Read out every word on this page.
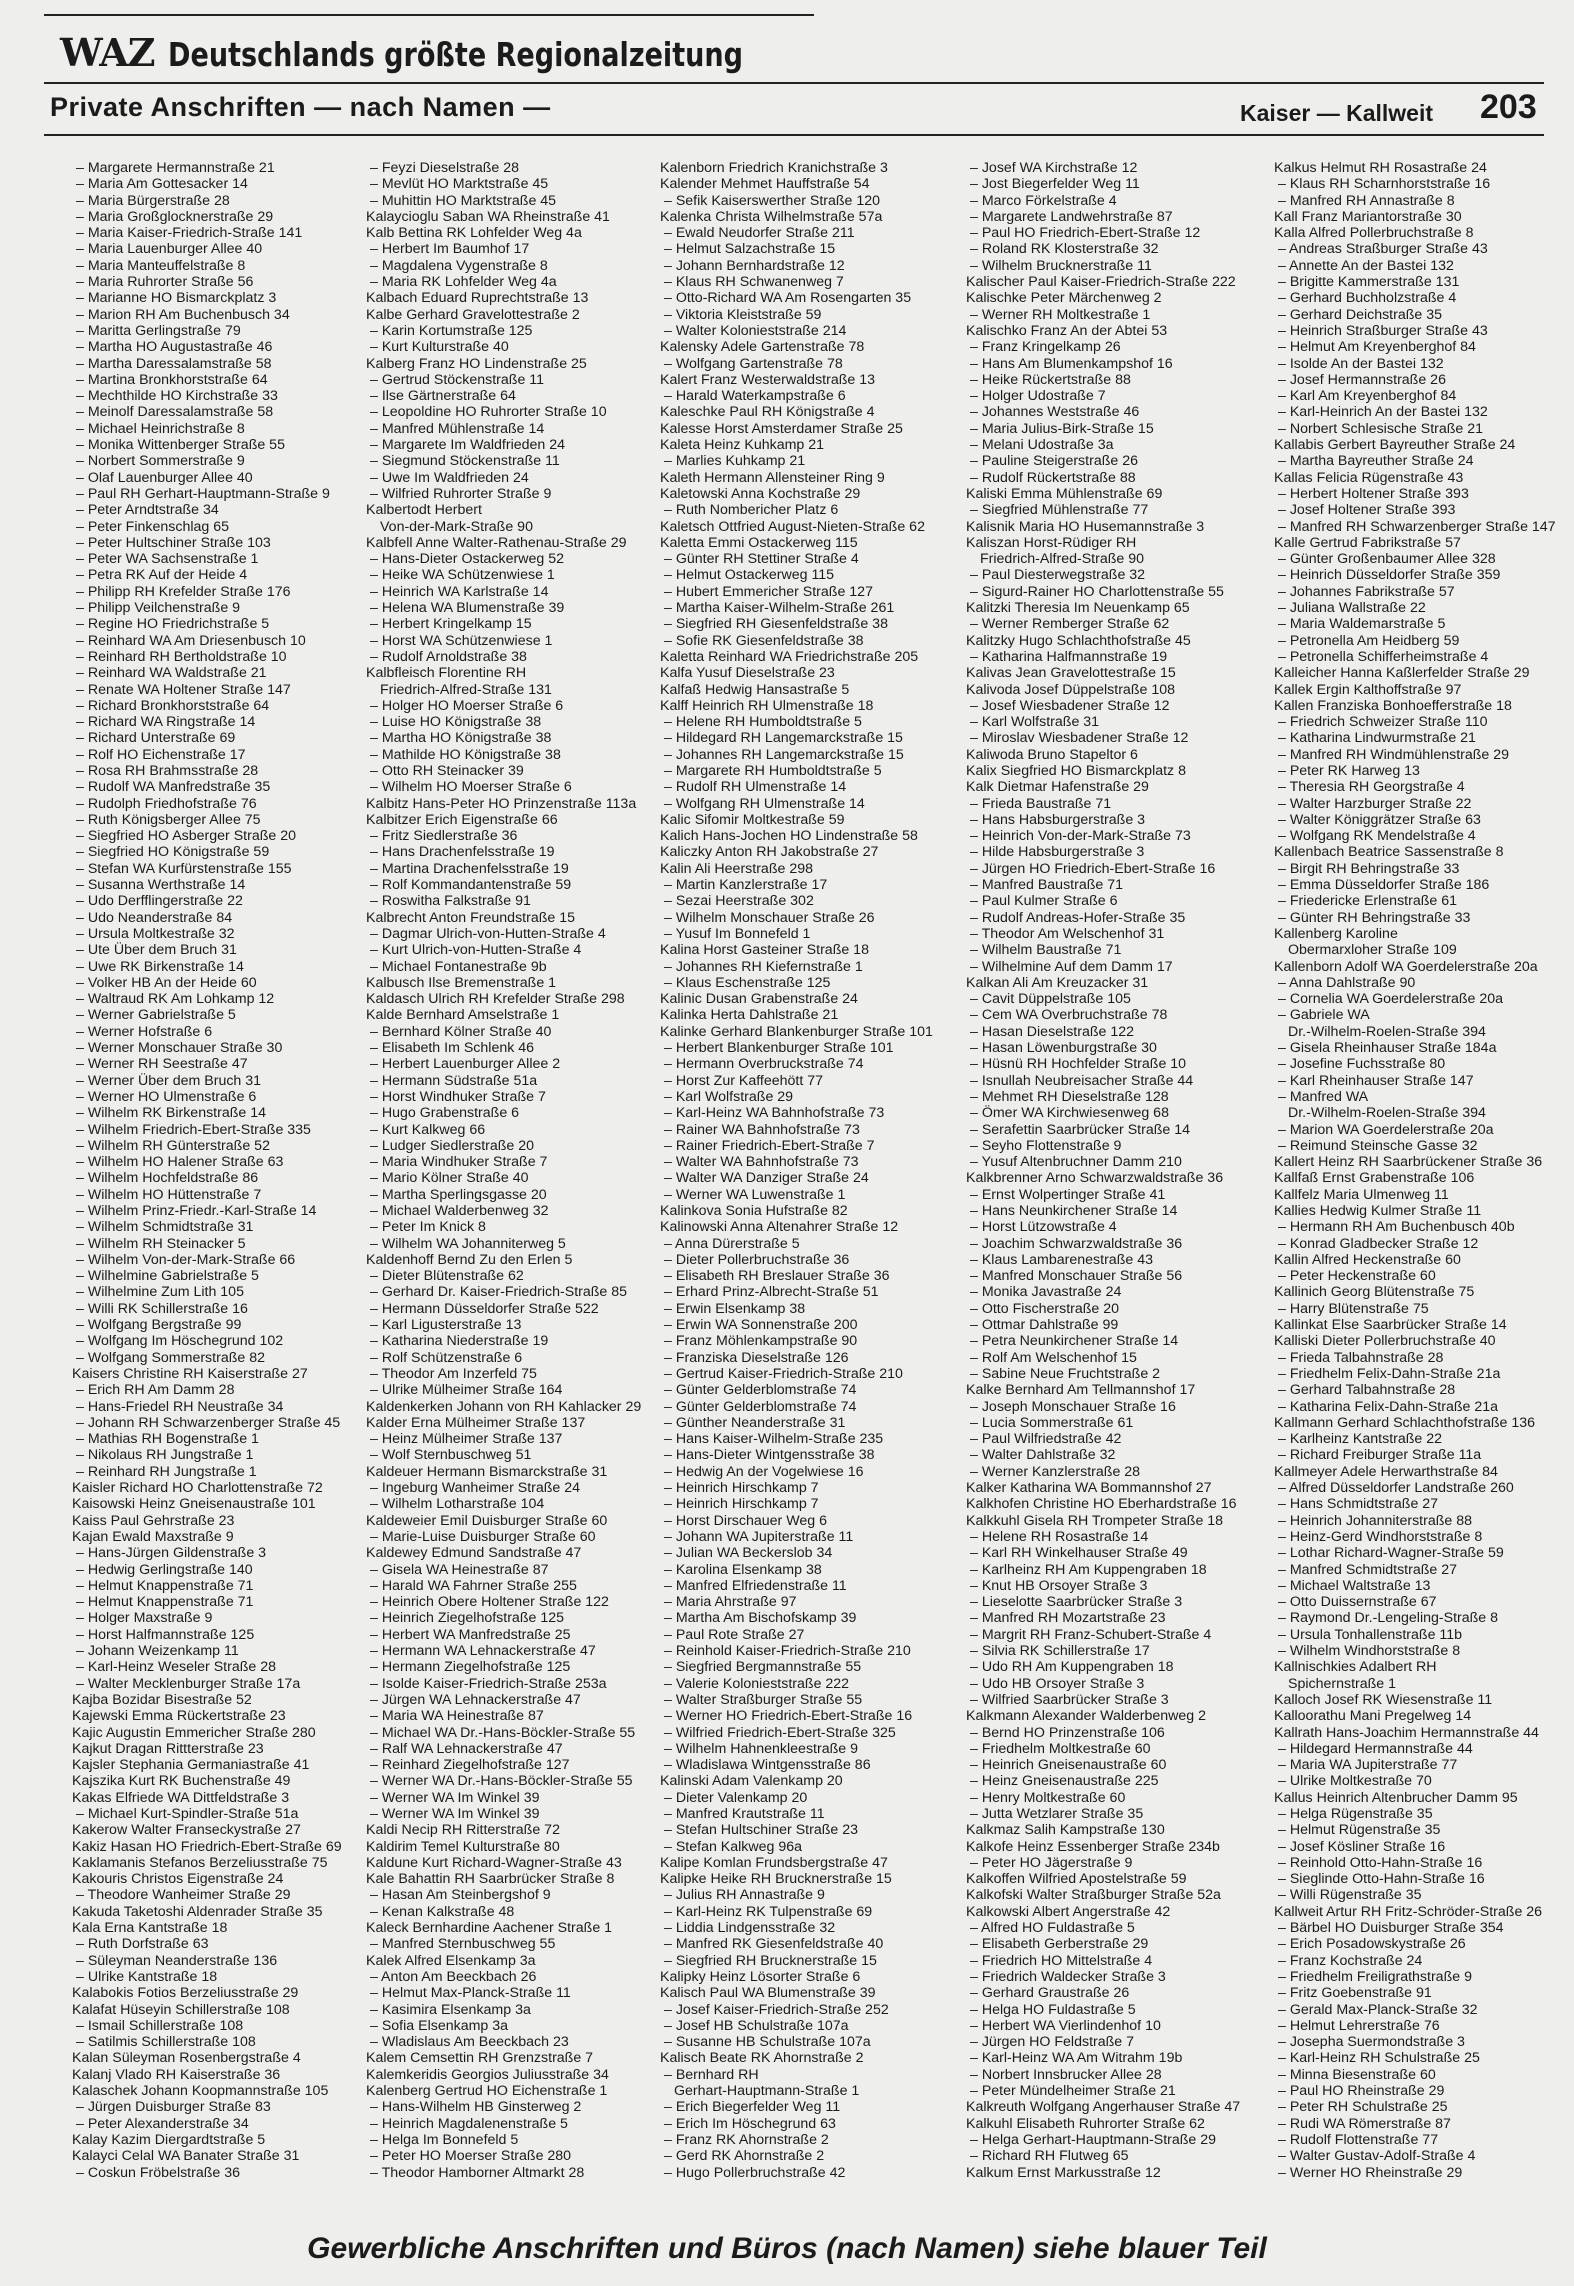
WAZ Deutschlands größte Regionalzeitung
Private Anschriften — nach Namen —	Kaiser — Kallweit 203
– Margarete Hermannstraße 21
– Maria Am Gottesacker 14
– Maria Bürgerstraße 28
– Maria Großglocknerstraße 29
– Maria Kaiser-Friedrich-Straße 141
– Maria Lauenburger Allee 40
– Maria Manteuffelstraße 8
– Maria Ruhrorter Straße 56
– Marianne HO Bismarckplatz 3
– Marion RH Am Buchenbusch 34
– Maritta Gerlingstraße 79
– Martha HO Augustastraße 46
– Martha Daressalamstraße 58
– Martina Bronkhorststraße 64
– Mechthilde HO Kirchstraße 33
– Meinolf Daressalamstraße 58
– Michael Heinrichstraße 8
– Monika Wittenberger Straße 55
– Norbert Sommerstraße 9
– Olaf Lauenburger Allee 40
– Paul RH Gerhart-Hauptmann-Straße 9
– Peter Arndtstraße 34
– Peter Finkenschlag 65
– Peter Hultschiner Straße 103
– Peter WA Sachsenstraße 1
– Petra RK Auf der Heide 4
– Philipp RH Krefelder Straße 176
– Philipp Veilchenstraße 9
– Regine HO Friedrichstraße 5
– Reinhard WA Am Driesenbusch 10
– Reinhard RH Bertholdstraße 10
– Reinhard WA Waldstraße 21
– Renate WA Holtener Straße 147
– Richard Bronkhorststraße 64
– Richard WA Ringstraße 14
– Richard Unterstraße 69
– Rolf HO Eichenstraße 17
– Rosa RH Brahmsstraße 28
– Rudolf WA Manfredstraße 35
– Rudolph Friedhofstraße 76
– Ruth Königsberger Allee 75
– Siegfried HO Asberger Straße 20
– Siegfried HO Königstraße 59
– Stefan WA Kurfürstenstraße 155
– Susanna Werthstraße 14
– Udo Derfflingerstraße 22
– Udo Neanderstraße 84
– Ursula Moltkestraße 32
– Ute Über dem Bruch 31
– Uwe RK Birkenstraße 14
– Volker HB An der Heide 60
– Waltraud RK Am Lohkamp 12
– Werner Gabrielstraße 5
– Werner Hofstraße 6
– Werner Monschauer Straße 30
– Werner RH Seestraße 47
– Werner Über dem Bruch 31
– Werner HO Ulmenstraße 6
– Wilhelm RK Birkenstraße 14
– Wilhelm Friedrich-Ebert-Straße 335
– Wilhelm RH Günterstraße 52
– Wilhelm HO Halener Straße 63
– Wilhelm Hochfeldstraße 86
– Wilhelm HO Hüttenstraße 7
– Wilhelm Prinz-Friedr.-Karl-Straße 14
– Wilhelm Schmidtstraße 31
– Wilhelm RH Steinacker 5
– Wilhelm Von-der-Mark-Straße 66
– Wilhelmine Gabrielstraße 5
– Wilhelmine Zum Lith 105
– Willi RK Schillerstraße 16
– Wolfgang Bergstraße 99
– Wolfgang Im Höschegrund 102
– Wolfgang Sommerstraße 82
Kaisers Christine RH Kaiserstraße 27
– Erich RH Am Damm 28
– Hans-Friedel RH Neustraße 34
– Johann RH Schwarzenberger Straße 45
– Mathias RH Bogenstraße 1
– Nikolaus RH Jungstraße 1
– Reinhard RH Jungstraße 1
Kaisler Richard HO Charlottenstraße 72
Kaisowski Heinz Gneisenaustraße 101
Kaiss Paul Gehrstraße 23
Kajan Ewald Maxstraße 9
– Hans-Jürgen Gildenstraße 3
– Hedwig Gerlingstraße 140
– Helmut Knappenstraße 71
– Helmut Knappenstraße 71
– Holger Maxstraße 9
– Horst Halfmannstraße 125
– Johann Weizenkamp 11
– Karl-Heinz Weseler Straße 28
– Walter Mecklenburger Straße 17a
Kajba Bozidar Bisestraße 52
Kajewski Emma Rückertstraße 23
Kajic Augustin Emmericher Straße 280
Kajkut Dragan Rittterstraße 23
Kajsler Stephania Germaniastraße 41
Kajszika Kurt RK Buchenstraße 49
Kakas Elfriede WA Dittfeldstraße 3
– Michael Kurt-Spindler-Straße 51a
Kakerow Walter Franseckystraße 27
Kakiz Hasan HO Friedrich-Ebert-Straße 69
Kaklamanis Stefanos Berzeliusstraße 75
Kakouris Christos Eigenstraße 24
– Theodore Wanheimer Straße 29
Kakuda Taketoshi Aldenrader Straße 35
Kala Erna Kantstraße 18
– Ruth Dorfstraße 63
– Süleyman Neanderstraße 136
– Ulrike Kantstraße 18
Kalabokis Fotios Berzeliusstraße 29
Kalafat Hüseyin Schillerstraße 108
– Ismail Schillerstraße 108
– Satilmis Schillerstraße 108
Kalan Süleyman Rosenbergstraße 4
Kalanj Vlado RH Kaiserstraße 36
Kalaschek Johann Koopmannstraße 105
– Jürgen Duisburger Straße 83
– Peter Alexanderstraße 34
Kalay Kazim Diergardtstraße 5
Kalayci Celal WA Banater Straße 31
– Coskun Fröbelstraße 36
– Feyzi Dieselstraße 28
– Mevlüt HO Marktstraße 45
– Muhittin HO Marktstraße 45
Kalaycioglu Saban WA Rheinstraße 41
Kalb Bettina RK Lohfelder Weg 4a
– Herbert Im Baumhof 17
– Magdalena Vygenstraße 8
– Maria RK Lohfelder Weg 4a
Kalbach Eduard Ruprechtstraße 13
Kalbe Gerhard Gravelottestraße 2
– Karin Kortumstraße 125
– Kurt Kulturstraße 40
Kalberg Franz HO Lindenstraße 25
– Gertrud Stöckenstraße 11
– Ilse Gärtnerstraße 64
– Leopoldine HO Ruhrorter Straße 10
– Manfred Mühlenstraße 14
– Margarete Im Waldfrieden 24
– Siegmund Stöckenstraße 11
– Uwe Im Waldfrieden 24
– Wilfried Ruhrorter Straße 9
Kalbertodt Herbert
Von-der-Mark-Straße 90
Kalbfell Anne Walter-Rathenau-Straße 29
– Hans-Dieter Ostackerweg 52
– Heike WA Schützenwiese 1
– Heinrich WA Karlstraße 14
– Helena WA Blumenstraße 39
– Herbert Kringelkamp 15
– Horst WA Schützenwiese 1
– Rudolf Arnoldstraße 38
Kalbfleisch Florentine RH
Friedrich-Alfred-Straße 131
– Holger HO Moerser Straße 6
– Luise HO Königstraße 38
– Martha HO Königstraße 38
– Mathilde HO Königstraße 38
– Otto RH Steinacker 39
– Wilhelm HO Moerser Straße 6
Kalbitz Hans-Peter HO Prinzenstraße 113a
Kalbitzer Erich Eigenstraße 66
– Fritz Siedlerstraße 36
– Hans Drachenfelsstraße 19
– Martina Drachenfelsstraße 19
– Rolf Kommandantenstraße 59
– Roswitha Falkstraße 91
Kalbrecht Anton Freundstraße 15
– Dagmar Ulrich-von-Hutten-Straße 4
– Kurt Ulrich-von-Hutten-Straße 4
– Michael Fontanestraße 9b
Kalbusch Ilse Bremenstraße 1
Kaldasch Ulrich RH Krefelder Straße 298
Kalde Bernhard Amselstraße 1
– Bernhard Kölner Straße 40
– Elisabeth Im Schlenk 46
– Herbert Lauenburger Allee 2
– Hermann Südstraße 51a
– Horst Windhuker Straße 7
– Hugo Grabenstraße 6
– Kurt Kalkweg 66
– Ludger Siedlerstraße 20
– Maria Windhuker Straße 7
– Mario Kölner Straße 40
– Martha Sperlingsgasse 20
– Michael Walderbenweg 32
– Peter Im Knick 8
– Wilhelm WA Johanniterweg 5
Kaldenhoff Bernd Zu den Erlen 5
– Dieter Blütenstraße 62
– Gerhard Dr. Kaiser-Friedrich-Straße 85
– Hermann Düsseldorfer Straße 522
– Karl Ligusterstraße 13
– Katharina Niederstraße 19
– Rolf Schützenstraße 6
– Theodor Am Inzerfeld 75
– Ulrike Mülheimer Straße 164
Kaldenkerken Johann von RH Kahlacker 29
Kalder Erna Mülheimer Straße 137
– Heinz Mülheimer Straße 137
– Wolf Sternbuschweg 51
Kaldeuer Hermann Bismarckstraße 31
– Ingeburg Wanheimer Straße 24
– Wilhelm Lotharstraße 104
Kaldeweier Emil Duisburger Straße 60
– Marie-Luise Duisburger Straße 60
Kaldewey Edmund Sandstraße 47
– Gisela WA Heinestraße 87
– Harald WA Fahrner Straße 255
– Heinrich Obere Holtener Straße 122
– Heinrich Ziegelhofstraße 125
– Herbert WA Manfredstraße 25
– Hermann WA Lehnackerstraße 47
– Hermann Ziegelhofstraße 125
– Isolde Kaiser-Friedrich-Straße 253a
– Jürgen WA Lehnackerstraße 47
– Maria WA Heinestraße 87
– Michael WA Dr.-Hans-Böckler-Straße 55
– Ralf WA Lehnackerstraße 47
– Reinhard Ziegelhofstraße 127
– Werner WA Dr.-Hans-Böckler-Straße 55
– Werner WA Im Winkel 39
– Werner WA Im Winkel 39
Kaldi Necip RH Ritterstraße 72
Kaldirim Temel Kulturstraße 80
Kaldune Kurt Richard-Wagner-Straße 43
Kale Bahattin RH Saarbrücker Straße 8
– Hasan Am Steinbergshof 9
– Kenan Kalkstraße 48
Kaleck Bernhardine Aachener Straße 1
– Manfred Sternbuschweg 55
Kalek Alfred Elsenkamp 3a
– Anton Am Beeckbach 26
– Helmut Max-Planck-Straße 11
– Kasimira Elsenkamp 3a
– Sofia Elsenkamp 3a
– Wladislaus Am Beeckbach 23
Kalem Cemsettin RH Grenzstraße 7
Kalemkeridis Georgios Juliusstraße 34
Kalenberg Gertrud HO Eichenstraße 1
– Hans-Wilhelm HB Ginsterweg 2
– Heinrich Magdalenenstraße 5
– Helga Im Bonnefeld 5
– Peter HO Moerser Straße 280
– Theodor Hamborner Altmarkt 28
Kalenborn Friedrich Kranichstraße 3
Kalender Mehmet Hauffstraße 54
– Sefik Kaiserswerther Straße 120
Kalenka Christa Wilhelmstraße 57a
– Ewald Neudorfer Straße 211
– Helmut Salzachstraße 15
– Johann Bernhardstraße 12
– Klaus RH Schwanenweg 7
– Otto-Richard WA Am Rosengarten 35
– Viktoria Kleiststraße 59
– Walter Kolonieststraße 214
Kalensky Adele Gartenstraße 78
– Wolfgang Gartenstraße 78
Kalert Franz Westerwaldstraße 13
– Harald Waterkampstraße 6
Kaleschke Paul RH Königstraße 4
Kalesse Horst Amsterdamer Straße 25
Kaleta Heinz Kuhkamp 21
– Marlies Kuhkamp 21
Kaleth Hermann Allensteiner Ring 9
Kaletowski Anna Kochstraße 29
– Ruth Nombericher Platz 6
Kaletsch Ottfried August-Nieten-Straße 62
Kaletta Emmi Ostackerweg 115
– Günter RH Stettiner Straße 4
– Helmut Ostackerweg 115
– Hubert Emmericher Straße 127
– Martha Kaiser-Wilhelm-Straße 261
– Siegfried RH Giesenfeldstraße 38
– Sofie RK Giesenfeldstraße 38
Kaletta Reinhard WA Friedrichstraße 205
Kalfa Yusuf Dieselstraße 23
Kalfaß Hedwig Hansastraße 5
Kalff Heinrich RH Ulmenstraße 18
– Helene RH Humboldtstraße 5
– Hildegard RH Langemarckstraße 15
– Johannes RH Langemarckstraße 15
– Margarete RH Humboldtstraße 5
– Rudolf RH Ulmenstraße 14
– Wolfgang RH Ulmenstraße 14
Kalic Sifomir Moltkestraße 59
Kalich Hans-Jochen HO Lindenstraße 58
Kaliczky Anton RH Jakobstraße 27
Kalin Ali Heerstraße 298
– Martin Kanzlerstraße 17
– Sezai Heerstraße 302
– Wilhelm Monschauer Straße 26
– Yusuf Im Bonnefeld 1
Kalina Horst Gasteiner Straße 18
– Johannes RH Kiefernstraße 1
– Klaus Eschenstraße 125
Kalinic Dusan Grabenstraße 24
Kalinka Herta Dahlstraße 21
Kalinke Gerhard Blankenburger Straße 101
– Herbert Blankenburger Straße 101
– Hermann Overbruckstraße 74
– Horst Zur Kaffeehött 77
– Karl Wolfstraße 29
– Karl-Heinz WA Bahnhofstraße 73
– Rainer WA Bahnhofstraße 73
– Rainer Friedrich-Ebert-Straße 7
– Walter WA Bahnhofstraße 73
– Walter WA Danziger Straße 24
– Werner WA Luwenstraße 1
Kalinkova Sonia Hufstraße 82
Kalinowski Anna Altenahrer Straße 12
– Anna Dürerstraße 5
– Dieter Pollerbruchstraße 36
– Elisabeth RH Breslauer Straße 36
– Erhard Prinz-Albrecht-Straße 51
– Erwin Elsenkamp 38
– Erwin WA Sonnenstraße 200
– Franz Möhlenkampstraße 90
– Franziska Dieselstraße 126
– Gertrud Kaiser-Friedrich-Straße 210
– Günter Gelderblomstraße 74
– Günter Gelderblomstraße 74
– Günther Neanderstraße 31
– Hans Kaiser-Wilhelm-Straße 235
– Hans-Dieter Wintgensstraße 38
– Hedwig An der Vogelwiese 16
– Heinrich Hirschkamp 7
– Heinrich Hirschkamp 7
– Horst Dirschauer Weg 6
– Johann WA Jupiterstraße 11
– Julian WA Beckerslob 34
– Karolina Elsenkamp 38
– Manfred Elfriedenstraße 11
– Maria Ahrstraße 97
– Martha Am Bischofskamp 39
– Paul Rote Straße 27
– Reinhold Kaiser-Friedrich-Straße 210
– Siegfried Bergmannstraße 55
– Valerie Kolonieststraße 222
– Walter Straßburger Straße 55
– Werner HO Friedrich-Ebert-Straße 16
– Wilfried Friedrich-Ebert-Straße 325
– Wilhelm Hahnenkleestraße 9
– Wladislawa Wintgensstraße 86
Kalinski Adam Valenkamp 20
– Dieter Valenkamp 20
– Manfred Krautstraße 11
– Stefan Hultschiner Straße 23
– Stefan Kalkweg 96a
Kalipe Komlan Frundsbergstraße 47
Kalipke Heike RH Brucknerstraße 15
– Julius RH Annastraße 9
– Karl-Heinz RK Tulpenstraße 69
– Liddia Lindgensstraße 32
– Manfred RK Giesenfeldstraße 40
– Siegfried RH Brucknerstraße 15
Kalipky Heinz Lösorter Straße 6
Kalisch Paul WA Blumenstraße 39
– Josef Kaiser-Friedrich-Straße 252
– Josef HB Schulstraße 107a
– Susanne HB Schulstraße 107a
Kalisch Beate RK Ahornstraße 2
– Bernhard RH
Gerhart-Hauptmann-Straße 1
– Erich Biegerfelder Weg 11
– Erich Im Höschegrund 63
– Franz RK Ahornstraße 2
– Gerd RK Ahornstraße 2
– Hugo Pollerbruchstraße 42
– Josef WA Kirchstraße 12
– Jost Biegerfelder Weg 11
– Marco Förkelstraße 4
– Margarete Landwehrstraße 87
– Paul HO Friedrich-Ebert-Straße 12
– Roland RK Klosterstraße 32
– Wilhelm Brucknerstraße 11
Kalischer Paul Kaiser-Friedrich-Straße 222
Kalischke Peter Märchenweg 2
– Werner RH Moltkestraße 1
Kalischko Franz An der Abtei 53
– Franz Kringelkamp 26
– Hans Am Blumenkampshof 16
– Heike Rückertstraße 88
– Holger Udostraße 7
– Johannes Weststraße 46
– Maria Julius-Birk-Straße 15
– Melani Udostraße 3a
– Pauline Steigerstraße 26
– Rudolf Rückertstraße 88
Kaliski Emma Mühlenstraße 69
– Siegfried Mühlenstraße 77
Kalisnik Maria HO Husemannstraße 3
Kaliszan Horst-Rüdiger RH
Friedrich-Alfred-Straße 90
– Paul Diesterwegstraße 32
– Sigurd-Rainer HO Charlottenstraße 55
Kalitzki Theresia Im Neuenkamp 65
– Werner Remberger Straße 62
Kalitzky Hugo Schlachthofstraße 45
– Katharina Halfmannstraße 19
Kalivas Jean Gravelottestraße 15
Kalivoda Josef Düppelstraße 108
– Josef Wiesbadener Straße 12
– Karl Wolfstraße 31
– Miroslav Wiesbadener Straße 12
Kaliwoda Bruno Stapeltor 6
Kalix Siegfried HO Bismarckplatz 8
Kalk Dietmar Hafenstraße 29
– Frieda Baustraße 71
– Hans Habsburgerstraße 3
– Heinrich Von-der-Mark-Straße 73
– Hilde Habsburgerstraße 3
– Jürgen HO Friedrich-Ebert-Straße 16
– Manfred Baustraße 71
– Paul Kulmer Straße 6
– Rudolf Andreas-Hofer-Straße 35
– Theodor Am Welschenhof 31
– Wilhelm Baustraße 71
– Wilhelmine Auf dem Damm 17
Kalkan Ali Am Kreuzacker 31
– Cavit Düppelstraße 105
– Cem WA Overbruchstraße 78
– Hasan Dieselstraße 122
– Hasan Löwenburgstraße 30
– Hüsnü RH Hochfelder Straße 10
– Isnullah Neubreisacher Straße 44
– Mehmet RH Dieselstraße 128
– Ömer WA Kirchwiesenweg 68
– Serafettin Saarbrücker Straße 14
– Seyho Flottenstraße 9
– Yusuf Altenbruchner Damm 210
Kalkbrenner Arno Schwarzwaldstraße 36
– Ernst Wolpertinger Straße 41
– Hans Neunkirchener Straße 14
– Horst Lützowstraße 4
– Joachim Schwarzwaldstraße 36
– Klaus Lambarenestraße 43
– Manfred Monschauer Straße 56
– Monika Javastraße 24
– Otto Fischerstraße 20
– Ottmar Dahlstraße 99
– Petra Neunkirchener Straße 14
– Rolf Am Welschenhof 15
– Sabine Neue Fruchtstraße 2
Kalke Bernhard Am Tellmannshof 17
– Joseph Monschauer Straße 16
– Lucia Sommerstraße 61
– Paul Wilfriedstraße 42
– Walter Dahlstraße 32
– Werner Kanzlerstraße 28
Kalker Katharina WA Bommannshof 27
Kalkhofen Christine HO Eberhardstraße 16
Kalkkuhl Gisela RH Trompeter Straße 18
– Helene RH Rosastraße 14
– Karl RH Winkelhauser Straße 49
– Karlheinz RH Am Kuppengraben 18
– Knut HB Orsoyer Straße 3
– Lieselotte Saarbrücker Straße 3
– Manfred RH Mozartstraße 23
– Margrit RH Franz-Schubert-Straße 4
– Silvia RK Schillerstraße 17
– Udo RH Am Kuppengraben 18
– Udo HB Orsoyer Straße 3
– Wilfried Saarbrücker Straße 3
Kalkmann Alexander Walderbenweg 2
– Bernd HO Prinzenstraße 106
– Friedhelm Moltkestraße 60
– Heinrich Gneisenaustraße 60
– Heinz Gneisenaustraße 225
– Henry Moltkestraße 60
– Jutta Wetzlarer Straße 35
Kalkmaz Salih Kampstraße 130
Kalkofe Heinz Essenberger Straße 234b
– Peter HO Jägerstraße 9
Kalkoffen Wilfried Apostelstraße 59
Kalkofski Walter Straßburger Straße 52a
Kalkowski Albert Angerstraße 42
– Alfred HO Fuldastraße 5
– Elisabeth Gerberstraße 29
– Friedrich HO Mittelstraße 4
– Friedrich Waldecker Straße 3
– Gerhard Graustraße 26
– Helga HO Fuldastraße 5
– Herbert WA Vierlindenhof 10
– Jürgen HO Feldstraße 7
– Karl-Heinz WA Am Witrahm 19b
– Norbert Innsbrucker Allee 28
– Peter Mündelheimer Straße 21
Kalkreuth Wolfgang Angerhauser Straße 47
Kalkuhl Elisabeth Ruhrorter Straße 62
– Helga Gerhart-Hauptmann-Straße 29
– Richard RH Flutweg 65
Kalkum Ernst Markusstraße 12
Kalkus Helmut RH Rosastraße 24
– Klaus RH Scharnhorststraße 16
– Manfred RH Annastraße 8
Kall Franz Mariantorstraße 30
Kalla Alfred Pollerbruchstraße 8
– Andreas Straßburger Straße 43
– Annette An der Bastei 132
– Brigitte Kammerstraße 131
– Gerhard Buchholzstraße 4
– Gerhard Deichstraße 35
– Heinrich Straßburger Straße 43
– Helmut Am Kreyenberghof 84
– Isolde An der Bastei 132
– Josef Hermannstraße 26
– Karl Am Kreyenberghof 84
– Karl-Heinrich An der Bastei 132
– Norbert Schlesische Straße 21
Kallabis Gerbert Bayreuther Straße 24
– Martha Bayreuther Straße 24
Kallas Felicia Rügenstraße 43
– Herbert Holtener Straße 393
– Josef Holtener Straße 393
– Manfred RH Schwarzenberger Straße 147
Kalle Gertrud Fabrikstraße 57
– Günter Großenbaumer Allee 328
– Heinrich Düsseldorfer Straße 359
– Johannes Fabrikstraße 57
– Juliana Wallstraße 22
– Maria Waldemarstraße 5
– Petronella Am Heidberg 59
– Petronella Schifferheimstraße 4
Kalleicher Hanna Kaßlerfelder Straße 29
Kallek Ergin Kalthoffstraße 97
Kallen Franziska Bonhoefferstraße 18
– Friedrich Schweizer Straße 110
– Katharina Lindwurmstraße 21
– Manfred RH Windmühlenstraße 29
– Peter RK Harweg 13
– Theresia RH Georgstraße 4
– Walter Harzburger Straße 22
– Walter Königgrätzer Straße 63
– Wolfgang RK Mendelstraße 4
Kallenbach Beatrice Sassenstraße 8
– Birgit RH Behringstraße 33
– Emma Düsseldorfer Straße 186
– Friedericke Erlenstraße 61
– Günter RH Behringstraße 33
Kallenberg Karoline
Obermarxloher Straße 109
Kallenborn Adolf WA Goerdelerstraße 20a
– Anna Dahlstraße 90
– Cornelia WA Goerdelerstraße 20a
– Gabriele WA
Dr.-Wilhelm-Roelen-Straße 394
– Gisela Rheinhauser Straße 184a
– Josefine Fuchsstraße 80
– Karl Rheinhauser Straße 147
– Manfred WA
Dr.-Wilhelm-Roelen-Straße 394
– Marion WA Goerdelerstraße 20a
– Reimund Steinsche Gasse 32
Kallert Heinz RH Saarbrückener Straße 36
Kallfaß Ernst Grabenstraße 106
Kallfelz Maria Ulmenweg 11
Kallies Hedwig Kulmer Straße 11
– Hermann RH Am Buchenbusch 40b
– Konrad Gladbecker Straße 12
Kallin Alfred Heckenstraße 60
– Peter Heckenstraße 60
Kallinich Georg Blütenstraße 75
– Harry Blütenstraße 75
Kallinkat Else Saarbrücker Straße 14
Kalliski Dieter Pollerbruchstraße 40
– Frieda Talbahnstraße 28
– Friedhelm Felix-Dahn-Straße 21a
– Gerhard Talbahnstraße 28
– Katharina Felix-Dahn-Straße 21a
Kallmann Gerhard Schlachthofstraße 136
– Karlheinz Kantstraße 22
– Richard Freiburger Straße 11a
Kallmeyer Adele Herwarthstraße 84
– Alfred Düsseldorfer Landstraße 260
– Hans Schmidtstraße 27
– Heinrich Johanniterstraße 88
– Heinz-Gerd Windhorststraße 8
– Lothar Richard-Wagner-Straße 59
– Manfred Schmidtstraße 27
– Michael Waltstraße 13
– Otto Duissernstraße 67
– Raymond Dr.-Lengeling-Straße 8
– Ursula Tonhallenstraße 11b
– Wilhelm Windhorststraße 8
Kallnischkies Adalbert RH
Spichernstraße 1
Kalloch Josef RK Wiesenstraße 11
Kalloorathu Mani Pregelweg 14
Kallrath Hans-Joachim Hermannstraße 44
– Hildegard Hermannstraße 44
– Maria WA Jupiterstraße 77
– Ulrike Moltkestraße 70
Kallus Heinrich Altenbrucher Damm 95
– Helga Rügenstraße 35
– Helmut Rügenstraße 35
– Josef Kösliner Straße 16
– Reinhold Otto-Hahn-Straße 16
– Sieglinde Otto-Hahn-Straße 16
– Willi Rügenstraße 35
Kallweit Artur RH Fritz-Schröder-Straße 26
– Bärbel HO Duisburger Straße 354
– Erich Posadowskystraße 26
– Franz Kochstraße 24
– Friedhelm Freiligrathstraße 9
– Fritz Goebenstraße 91
– Gerald Max-Planck-Straße 32
– Helmut Lehrerstraße 76
– Josepha Suermondstraße 3
– Karl-Heinz RH Schulstraße 25
– Minna Biesenstraße 60
– Paul HO Rheinstraße 29
– Peter RH Schulstraße 25
– Rudi WA Römerstraße 87
– Rudolf Flottenstraße 77
– Walter Gustav-Adolf-Straße 4
– Werner HO Rheinstraße 29
Gewerbliche Anschriften und Büros (nach Namen) siehe blauer Teil
